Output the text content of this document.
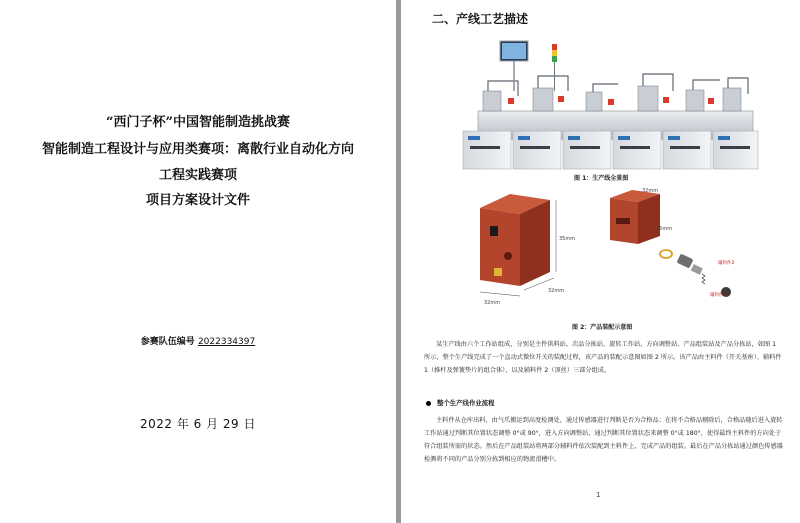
“西门子杯”中国智能制造挑战赛
智能制造工程设计与应用类赛项：离散行业自动化方向
工程实践赛项
项目方案设计文件
参赛队伍编号 2022334397
2022 年 6 月 29 日
二、产线工艺描述
图 1：生产线全景图
32mm
32mm
35mm
32mm
35mm
辅料件1
辅料件2
图 2：产品装配示意图
某生产线由六个工作站组成，分别是主件供料站、次品分拣站、旋转工作站、方向调整站、产品组装站及产品分拣站，如图 1 所示，整个生产线完成了一个直动式微位开关的装配过程，该产品的装配示意图如图 2 所示。该产品由主料件（开关基座）、辅料件 1（推杆及弹簧垫片的组合体）、以及辅料件 2（顶丝）三部分组成。
整个生产线作业流程
主料件从仓库出料，由气爪搬运到高度检测处，通过传感器进行判断是否为合格品；在将不合格品剔除后，合格品随后进入旋转工作站通过判断其位置状态调整 0°或 90°，进入方向调整站，通过判断其位置状态来调整 0°或 180°，使得最终主料件的方向处于符合组装所需的状态。然后在产品组装站将两部分辅料件依次装配到主料件上，完成产品的组装。最后在产品分拣站通过颜色传感器检测将不同的产品分别分拣到相应的物流滑槽中。
1
